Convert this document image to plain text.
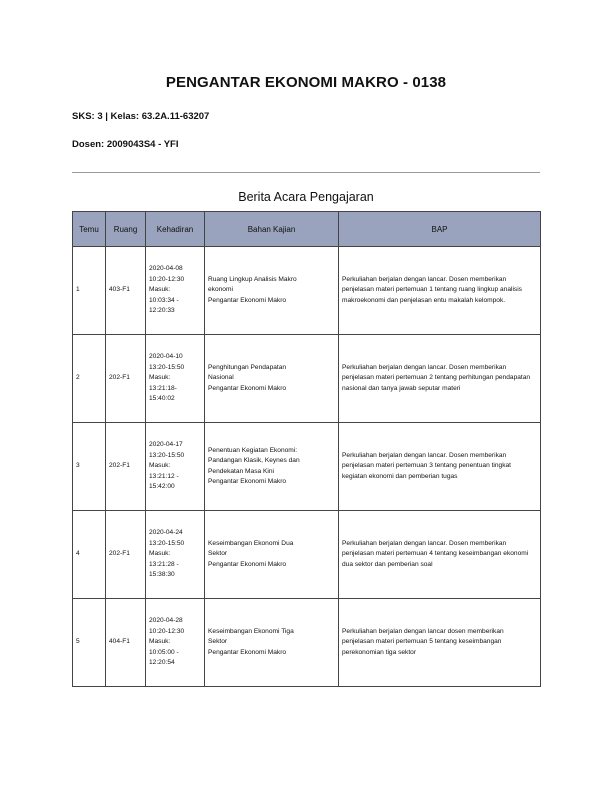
PENGANTAR EKONOMI MAKRO - 0138
SKS: 3 | Kelas: 63.2A.11-63207
Dosen: 2009043S4 - YFI
Berita Acara Pengajaran
Temu	Ruang	Kehadiran	Bahan Kajian	BAP
1	403-F1	2020-04-08
10:20-12:30
Masuk:
10:03:34 -
12:20:33	Ruang Lingkup Analisis Makro
ekonomi
Pengantar Ekonomi Makro	Perkuliahan berjalan dengan lancar. Dosen memberikan penjelasan materi pertemuan 1 tentang ruang lingkup analisis makroekonomi dan penjelasan entu makalah kelompok.
2	202-F1	2020-04-10
13:20-15:50
Masuk:
13:21:18-
15:40:02	Penghitungan Pendapatan
Nasional
Pengantar Ekonomi Makro	Perkuliahan berjalan dengan lancar. Dosen memberikan penjelasan materi pertemuan 2 tentang perhitungan pendapatan nasional dan tanya jawab seputar materi
3	202-F1	2020-04-17
13:20-15:50
Masuk:
13:21:12 -
15:42:00	Penentuan Kegiatan Ekonomi:
Pandangan Klasik, Keynes dan
Pendekatan Masa Kini
Pengantar Ekonomi Makro	Perkuliahan berjalan dengan lancar. Dosen memberikan penjelasan materi pertemuan 3 tentang penentuan tingkat kegiatan ekonomi dan pemberian tugas
4	202-F1	2020-04-24
13:20-15:50
Masuk:
13:21:28 -
15:38:30	Keseimbangan Ekonomi Dua
Sektor
Pengantar Ekonomi Makro	Perkuliahan berjalan dengan lancar. Dosen memberikan penjelasan materi pertemuan 4 tentang keseimbangan ekonomi dua sektor dan pemberian soal
5	404-F1	2020-04-28
10:20-12:30
Masuk:
10:05:00 -
12:20:54	Keseimbangan Ekonomi Tiga
Sektor
Pengantar Ekonomi Makro	Perkuliahan berjalan dengan lancar dosen memberikan penjelasan materi pertemuan 5 tentang keseimbangan perekonomian tiga sektor
